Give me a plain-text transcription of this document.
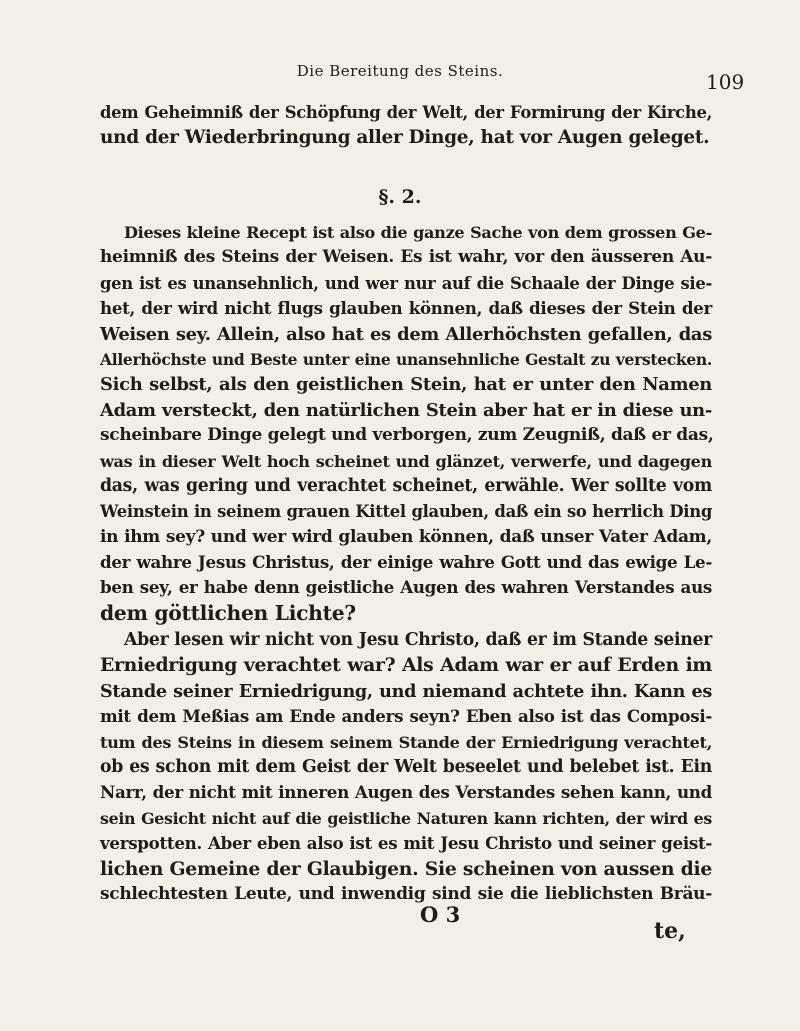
Die Bereitung des Steins.	109
dem Geheimniß der Schöpfung der Welt, der Formirung der Kirche,
und der Wiederbringung aller Dinge, hat vor Augen geleget.
§. 2.
Dieses kleine Recept ist also die ganze Sache von dem grossen Ge-
heimniß des Steins der Weisen. Es ist wahr, vor den äusseren Au-
gen ist es unansehnlich, und wer nur auf die Schaale der Dinge sie-
het, der wird nicht flugs glauben können, daß dieses der Stein der
Weisen sey. Allein, also hat es dem Allerhöchsten gefallen, das
Allerhöchste und Beste unter eine unansehnliche Gestalt zu verstecken.
Sich selbst, als den geistlichen Stein, hat er unter den Namen
Adam versteckt, den natürlichen Stein aber hat er in diese un-
scheinbare Dinge gelegt und verborgen, zum Zeugniß, daß er das,
was in dieser Welt hoch scheinet und glänzet, verwerfe, und dagegen
das, was gering und verachtet scheinet, erwähle. Wer sollte vom
Weinstein in seinem grauen Kittel glauben, daß ein so herrlich Ding
in ihm sey? und wer wird glauben können, daß unser Vater Adam,
der wahre Jesus Christus, der einige wahre Gott und das ewige Le-
ben sey, er habe denn geistliche Augen des wahren Verstandes aus
dem göttlichen Lichte?
Aber lesen wir nicht von Jesu Christo, daß er im Stande seiner
Erniedrigung verachtet war? Als Adam war er auf Erden im
Stande seiner Erniedrigung, und niemand achtete ihn. Kann es
mit dem Meßias am Ende anders seyn? Eben also ist das Composi-
tum des Steins in diesem seinem Stande der Erniedrigung verachtet,
ob es schon mit dem Geist der Welt beseelet und belebet ist. Ein
Narr, der nicht mit inneren Augen des Verstandes sehen kann, und
sein Gesicht nicht auf die geistliche Naturen kann richten, der wird es
verspotten. Aber eben also ist es mit Jesu Christo und seiner geist-
lichen Gemeine der Glaubigen. Sie scheinen von aussen die
schlechtesten Leute, und inwendig sind sie die lieblichsten Bräu-
O 3
te,
